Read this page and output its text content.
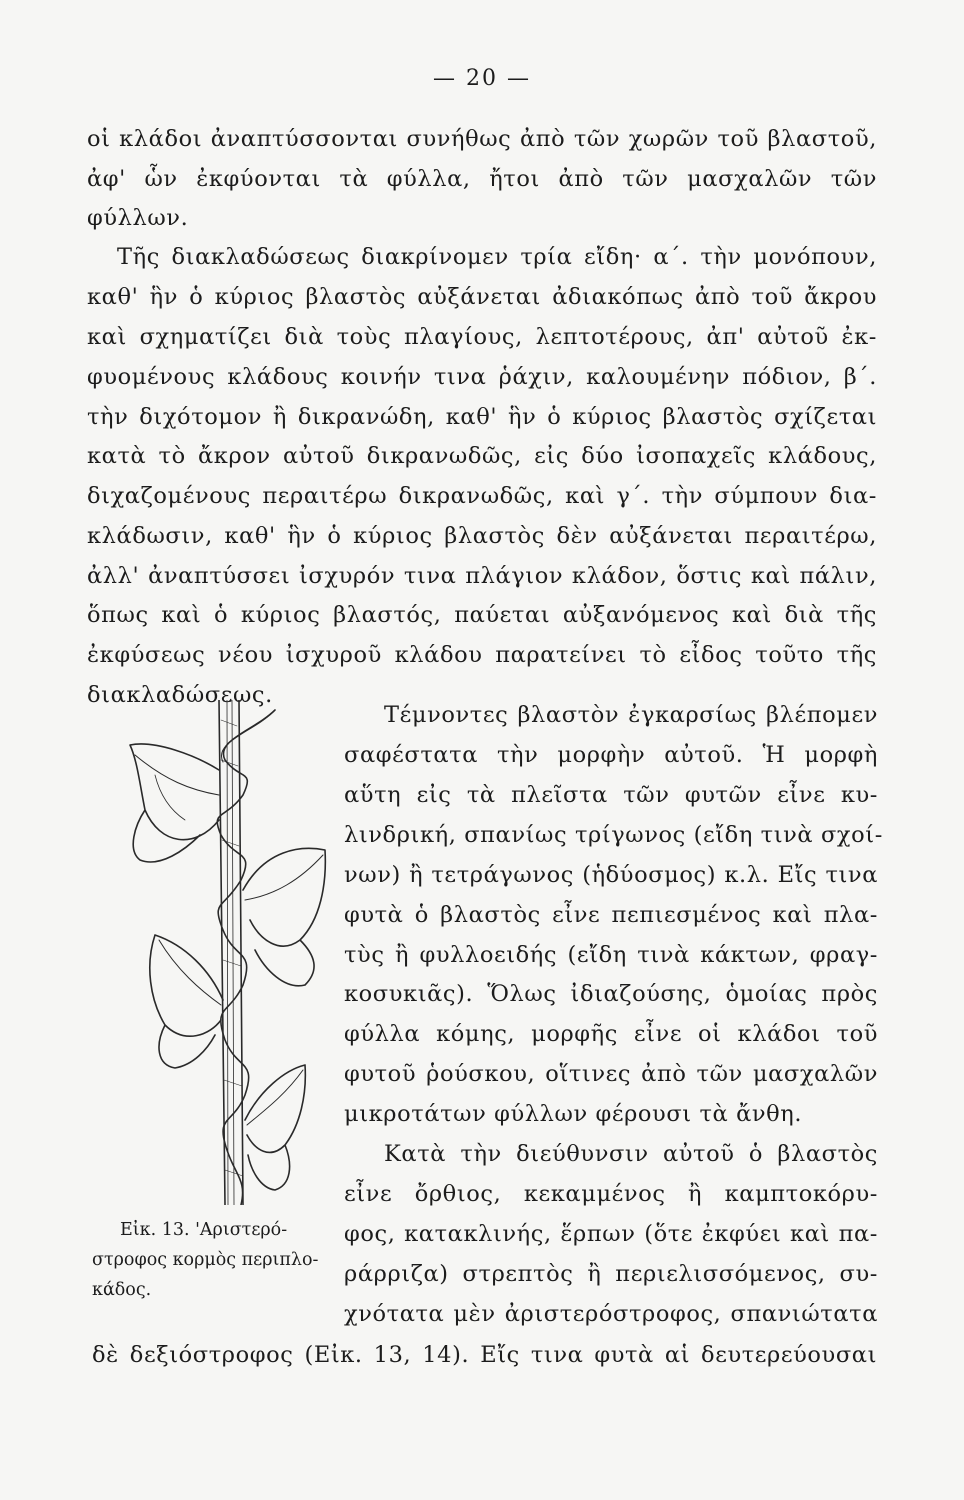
— 20 —
οἱ κλάδοι ἀναπτύσσονται συνήθως ἀπὸ τῶν χωρῶν τοῦ βλαστοῦ,
ἀφ' ὧν ἐκφύονται τὰ φύλλα, ἤτοι ἀπὸ τῶν μασχαλῶν τῶν
φύλλων.
Τῆς διακλαδώσεως διακρίνομεν τρία εἴδη· α΄. τὴν μονόπουν,
καθ' ἣν ὁ κύριος βλαστὸς αὐξάνεται ἀδιακόπως ἀπὸ τοῦ ἄκρου
καὶ σχηματίζει διὰ τοὺς πλαγίους, λεπτοτέρους, ἀπ' αὐτοῦ ἐκ-
φυομένους κλάδους κοινήν τινα ῥάχιν, καλουμένην πόδιον, β΄.
τὴν διχότομον ἢ δικρανώδη, καθ' ἣν ὁ κύριος βλαστὸς σχίζεται
κατὰ τὸ ἄκρον αὐτοῦ δικρανωδῶς, εἰς δύο ἰσοπαχεῖς κλάδους,
διχαζομένους περαιτέρω δικρανωδῶς, καὶ γ΄. τὴν σύμπουν δια-
κλάδωσιν, καθ' ἣν ὁ κύριος βλαστὸς δὲν αὐξάνεται περαιτέρω,
ἀλλ' ἀναπτύσσει ἰσχυρόν τινα πλάγιον κλάδον, ὅστις καὶ πάλιν,
ὅπως καὶ ὁ κύριος βλαστός, παύεται αὐξανόμενος καὶ διὰ τῆς
ἐκφύσεως νέου ἰσχυροῦ κλάδου παρατείνει τὸ εἶδος τοῦτο τῆς
διακλαδώσεως.
Τέμνοντες βλαστὸν ἐγκαρσίως βλέπομεν
σαφέστατα τὴν μορφὴν αὐτοῦ. Ἡ μορφὴ
αὕτη εἰς τὰ πλεῖστα τῶν φυτῶν εἶνε κυ-
λινδρική, σπανίως τρίγωνος (εἴδη τινὰ σχοί-
νων) ἢ τετράγωνος (ἡδύοσμος) κ.λ. Εἴς τινα
φυτὰ ὁ βλαστὸς εἶνε πεπιεσμένος καὶ πλα-
τὺς ἢ φυλλοειδής (εἴδη τινὰ κάκτων, φραγ-
κοσυκιᾶς). Ὅλως ἰδιαζούσης, ὁμοίας πρὸς
φύλλα κόμης, μορφῆς εἶνε οἱ κλάδοι τοῦ
φυτοῦ ῥούσκου, οἵτινες ἀπὸ τῶν μασχαλῶν
μικροτάτων φύλλων φέρουσι τὰ ἄνθη.
Κατὰ τὴν διεύθυνσιν αὐτοῦ ὁ βλαστὸς
εἶνε ὄρθιος, κεκαμμένος ἢ καμπτοκόρυ-
φος, κατακλινής, ἕρπων (ὅτε ἐκφύει καὶ πα-
ράρριζα) στρεπτὸς ἢ περιελισσόμενος, συ-
χνότατα μὲν ἀριστερόστροφος, σπανιώτατα
δὲ δεξιόστροφος (Εἰκ. 13, 14). Εἴς τινα φυτὰ αἱ δευτερεύουσαι
Εἰκ. 13. 'Αριστερό-
στροφος κορμὸς περιπλο-
κάδος.
